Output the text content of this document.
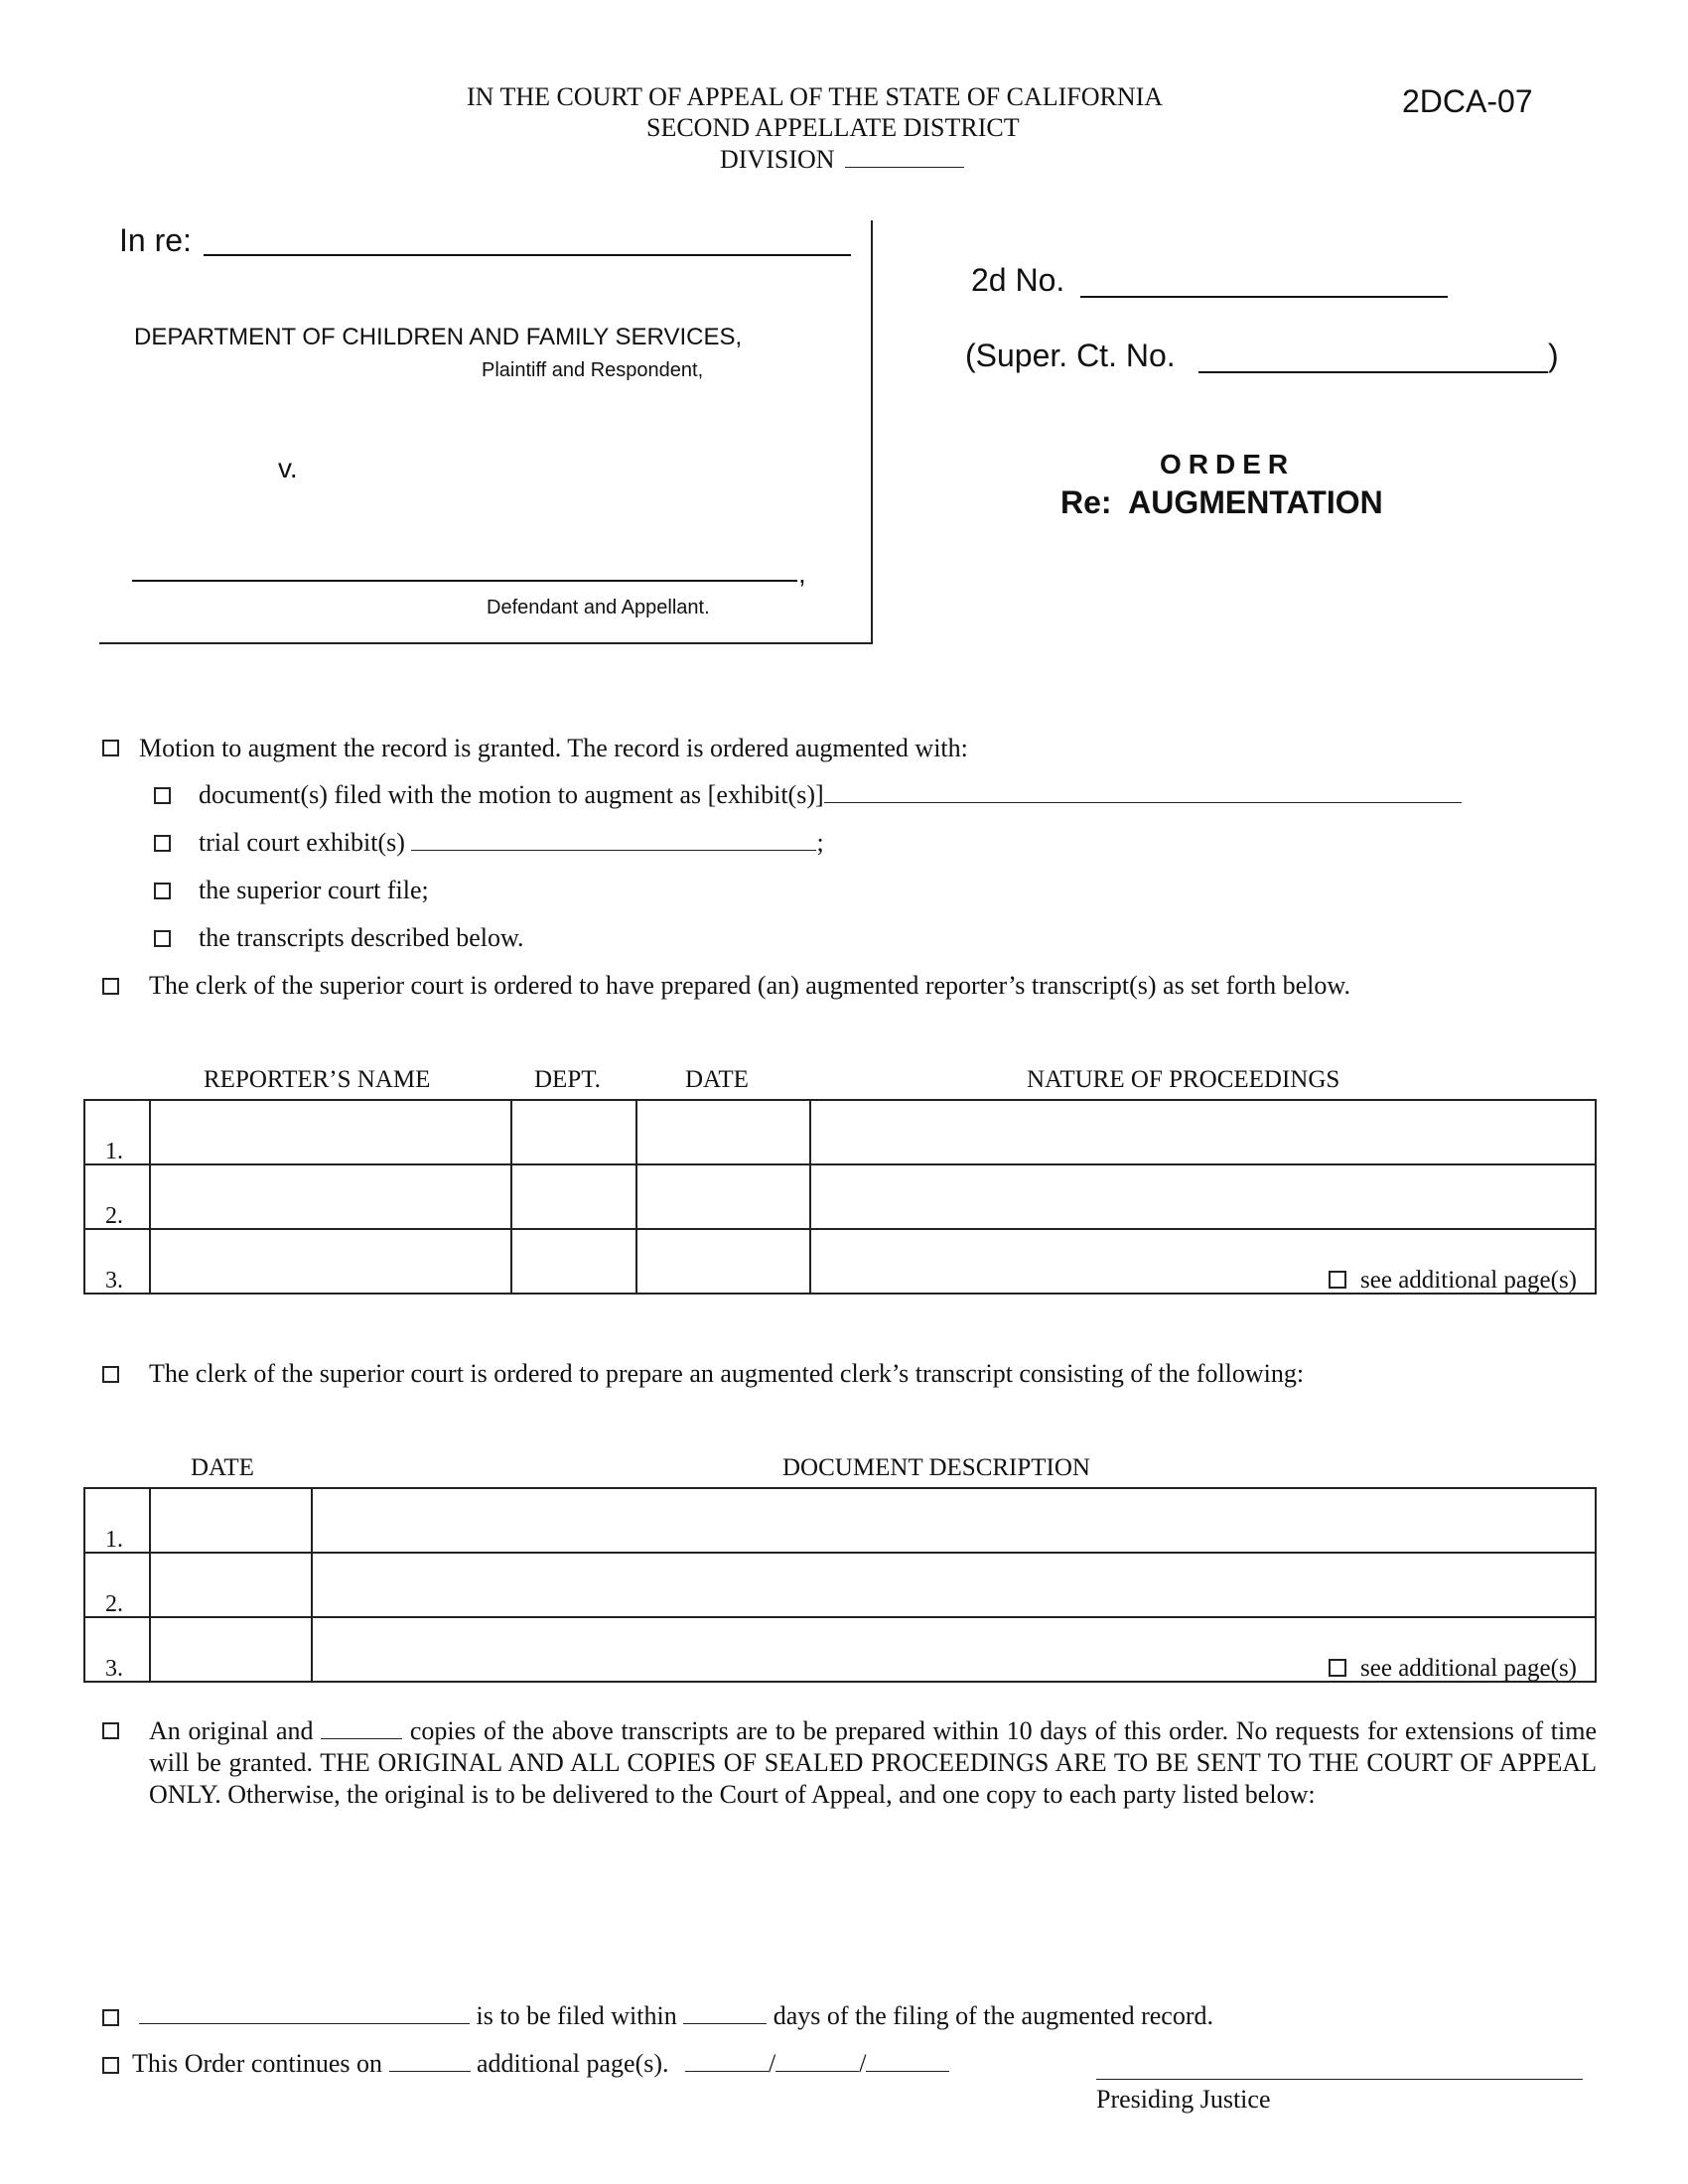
IN THE COURT OF APPEAL OF THE STATE OF CALIFORNIA
SECOND APPELLATE DISTRICT
DIVISION
2DCA-07
In re:
DEPARTMENT OF CHILDREN AND FAMILY SERVICES,
Plaintiff and Respondent,
v.
,
Defendant and Appellant.
2d No.
(Super. Ct. No.	)
ORDER
Re:  AUGMENTATION
Motion to augment the record is granted. The record is ordered augmented with:
document(s) filed with the motion to augment as [exhibit(s)]
trial court exhibit(s)	;
the superior court file;
the transcripts described below.
The clerk of the superior court is ordered to have prepared (an) augmented reporter’s transcript(s) as set forth below.
REPORTER’S NAME	DEPT.	DATE	NATURE OF PROCEEDINGS
1.				

2.				

3.				see additional page(s)
The clerk of the superior court is ordered to prepare an augmented clerk’s transcript consisting of the following:
DATE	DOCUMENT DESCRIPTION
1.		

2.		

3.		see additional page(s)
An original and	copies of the above transcripts are to be prepared within 10 days of this order. No requests for extensions of time will be granted. THE ORIGINAL AND ALL COPIES OF SEALED PROCEEDINGS ARE TO BE SENT TO THE COURT OF APPEAL ONLY. Otherwise, the original is to be delivered to the Court of Appeal, and one copy to each party listed below:
is to be filed within	days of the filing of the augmented record.
This Order continues on	additional page(s).	/	/
Presiding Justice
